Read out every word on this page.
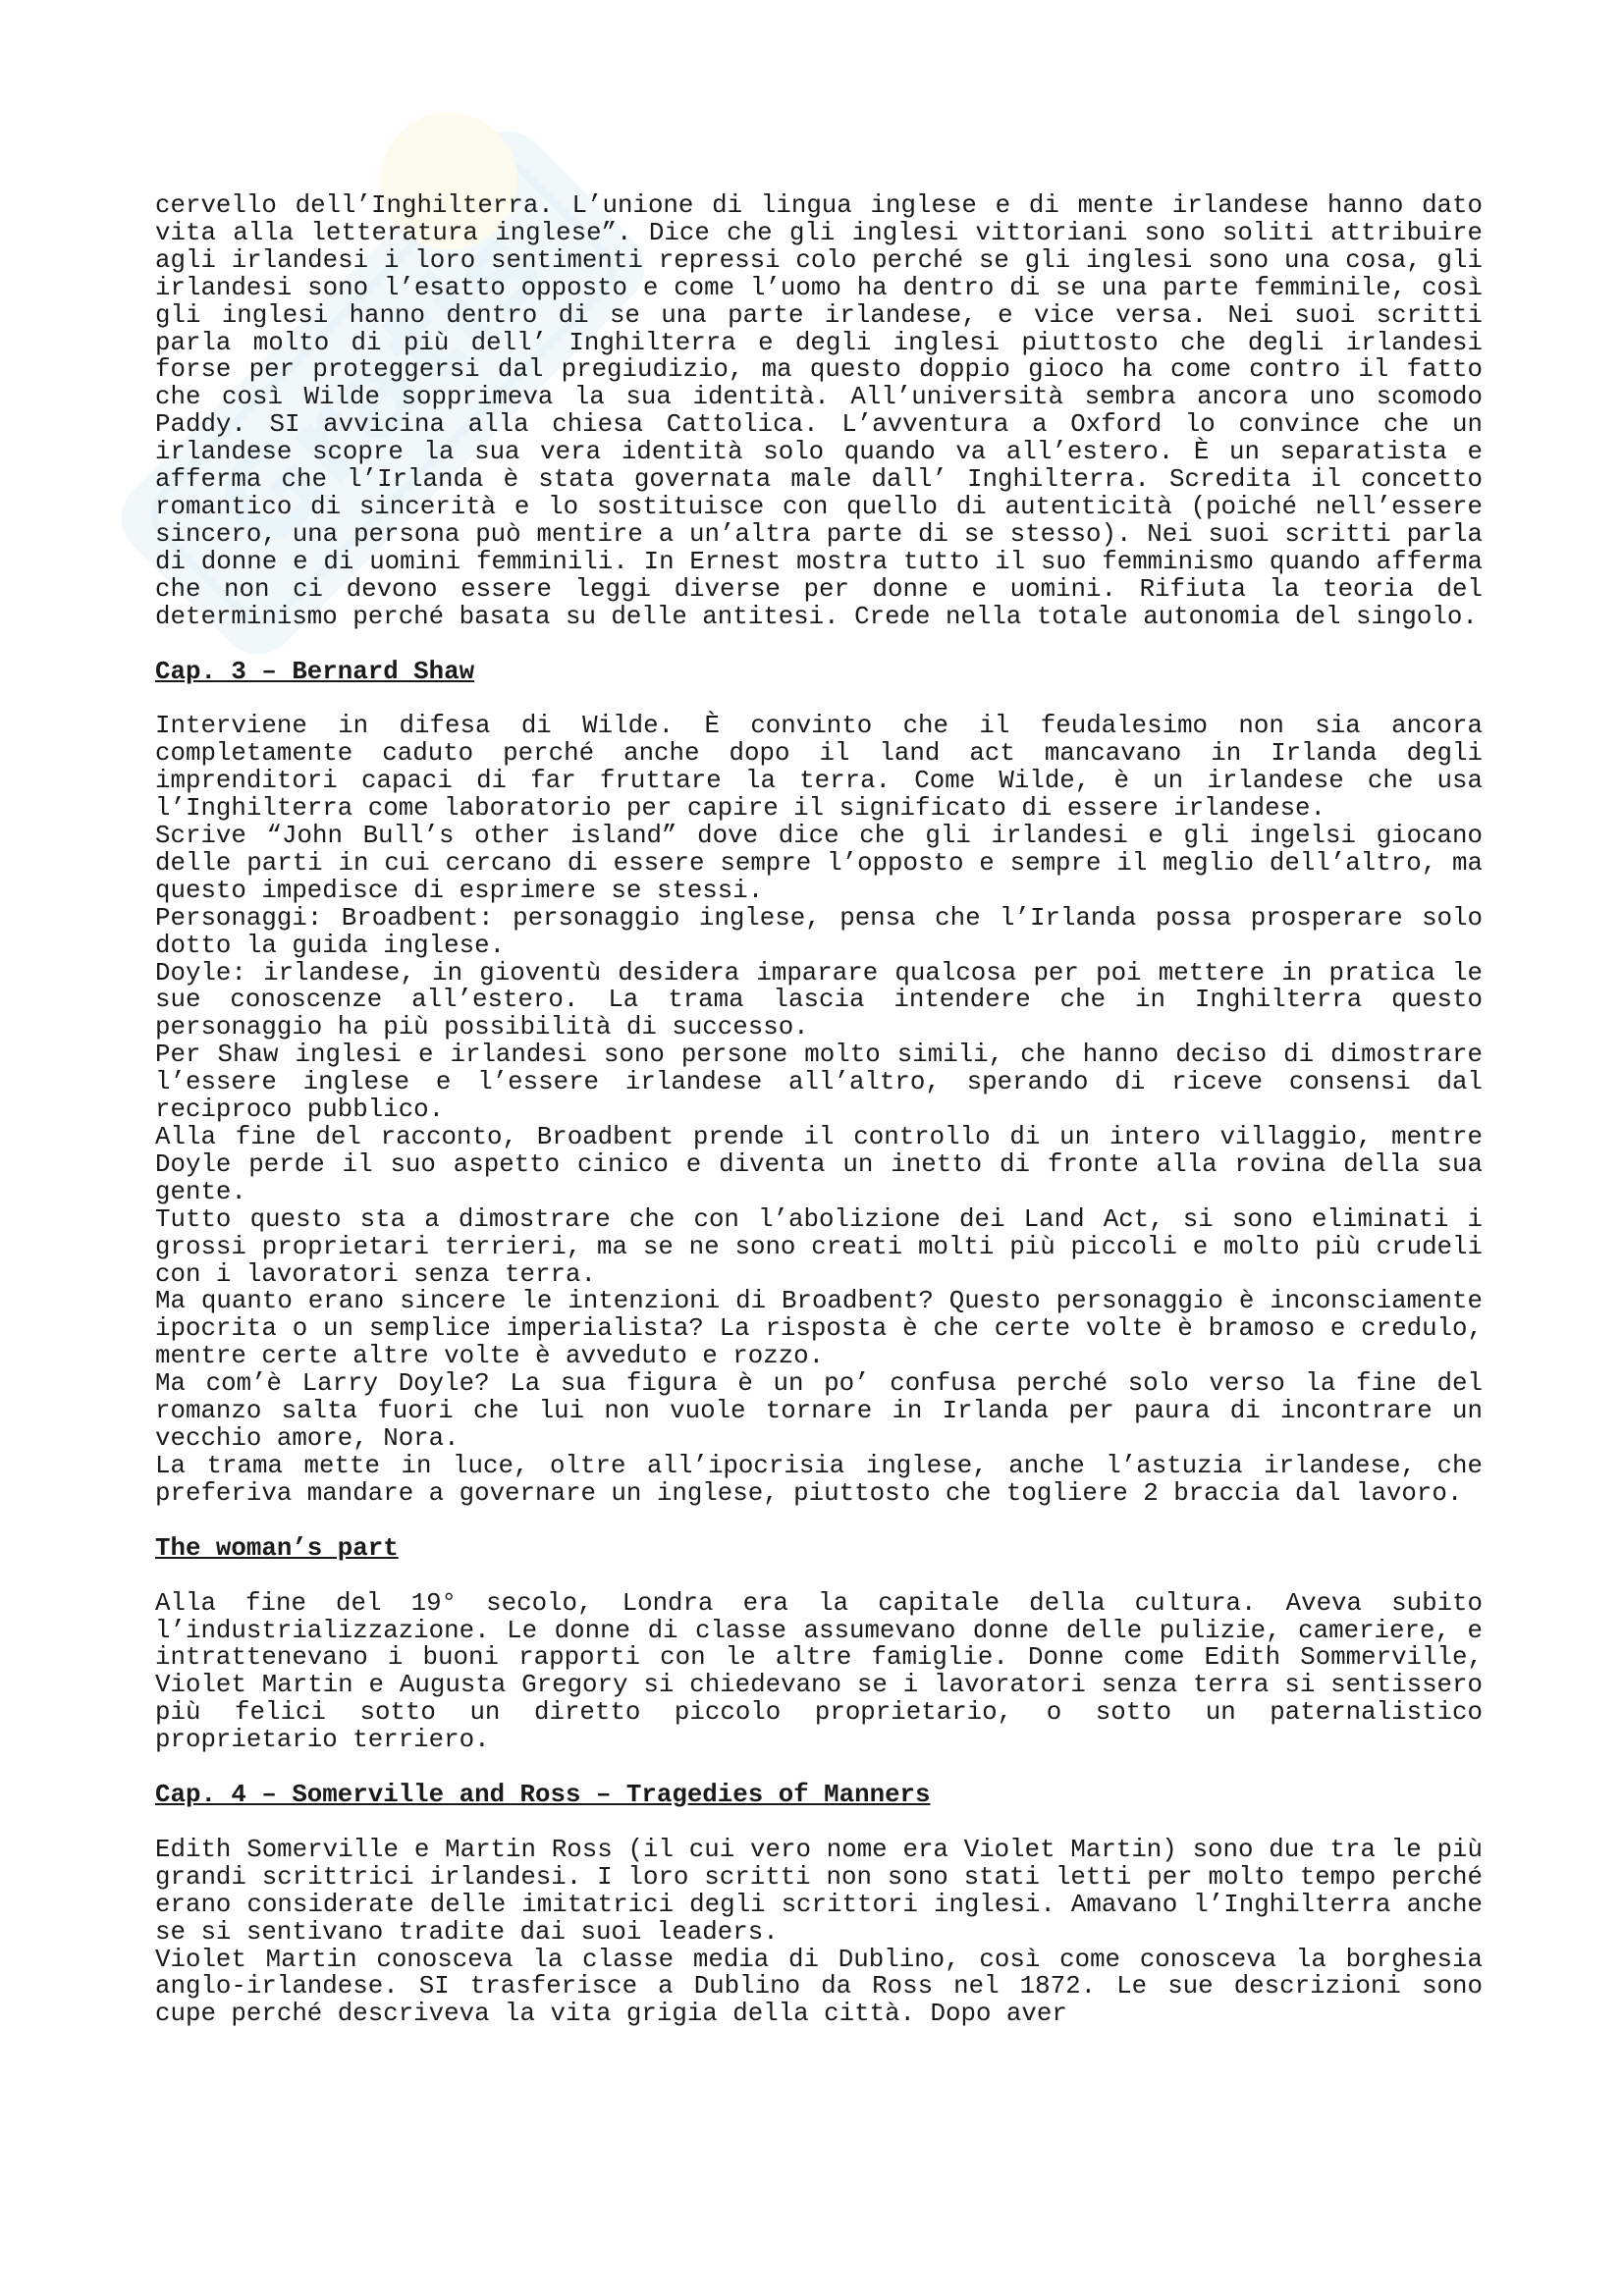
Gratis

cervello dell’Inghilterra. L’unione di lingua inglese e di mente irlandese hanno dato vita alla letteratura inglese”. Dice che gli inglesi vittoriani sono soliti attribuire agli irlandesi i loro sentimenti repressi colo perché se gli inglesi sono una cosa, gli irlandesi sono l’esatto opposto e come l’uomo ha dentro di se una parte femminile, così gli inglesi hanno dentro di se una parte irlandese, e vice versa. Nei suoi scritti parla molto di più dell’ Inghilterra e degli inglesi piuttosto che degli irlandesi forse per proteggersi dal pregiudizio, ma questo doppio gioco ha come contro il fatto che così Wilde sopprimeva la sua identità. All’università sembra ancora uno scomodo Paddy. SI avvicina alla chiesa Cattolica. L’avventura a Oxford lo convince che un irlandese scopre la sua vera identità solo quando va all’estero. È un separatista e afferma che l’Irlanda è stata governata male dall’ Inghilterra. Scredita il concetto romantico di sincerità e lo sostituisce con quello di autenticità (poiché nell’essere sincero, una persona può mentire a un’altra parte di se stesso). Nei suoi scritti parla di donne e di uomini femminili. In Ernest mostra tutto il suo femminismo quando afferma che non ci devono essere leggi diverse per donne e uomini. Rifiuta la teoria del determinismo perché basata su delle antitesi. Crede nella totale autonomia del singolo.

Cap. 3 – Bernard Shaw

Interviene in difesa di Wilde. È convinto che il feudalesimo non sia ancora completamente caduto perché anche dopo il land act mancavano in Irlanda degli imprenditori capaci di far fruttare la terra. Come Wilde, è un irlandese che usa l’Inghilterra come laboratorio per capire il significato di essere irlandese.

Scrive “John Bull’s other island” dove dice che gli irlandesi e gli ingelsi giocano delle parti in cui cercano di essere sempre l’opposto e sempre il meglio dell’altro, ma questo impedisce di esprimere se stessi.

Personaggi: Broadbent: personaggio inglese, pensa che l’Irlanda possa prosperare solo dotto la guida inglese.

Doyle: irlandese, in gioventù desidera imparare qualcosa per poi mettere in pratica le sue conoscenze all’estero. La trama lascia intendere che in Inghilterra questo personaggio ha più possibilità di successo.

Per Shaw inglesi e irlandesi sono persone molto simili, che hanno deciso di dimostrare l’essere inglese e l’essere irlandese all’altro, sperando di riceve consensi dal reciproco pubblico.

Alla fine del racconto, Broadbent prende il controllo di un intero villaggio, mentre Doyle perde il suo aspetto cinico e diventa un inetto di fronte alla rovina della sua gente.

Tutto questo sta a dimostrare che con l’abolizione dei Land Act, si sono eliminati i grossi proprietari terrieri, ma se ne sono creati molti più piccoli e molto più crudeli con i lavoratori senza terra.

Ma quanto erano sincere le intenzioni di Broadbent? Questo personaggio è inconsciamente ipocrita o un semplice imperialista? La risposta è che certe volte è bramoso e credulo, mentre certe altre volte è avveduto e rozzo.

Ma com’è Larry Doyle? La sua figura è un po’ confusa perché solo verso la fine del romanzo salta fuori che lui non vuole tornare in Irlanda per paura di incontrare un vecchio amore, Nora.

La trama mette in luce, oltre all’ipocrisia inglese, anche l’astuzia irlandese, che preferiva mandare a governare un inglese, piuttosto che togliere 2 braccia dal lavoro.

The woman’s part

Alla fine del 19° secolo, Londra era la capitale della cultura. Aveva subito l’industrializzazione. Le donne di classe assumevano donne delle pulizie, cameriere, e intrattenevano i buoni rapporti con le altre famiglie. Donne come Edith Sommerville, Violet Martin e Augusta Gregory si chiedevano se i lavoratori senza terra si sentissero più felici sotto un diretto piccolo proprietario, o sotto un paternalistico proprietario terriero.

Cap. 4 – Somerville and Ross – Tragedies of Manners

Edith Somerville e Martin Ross (il cui vero nome era Violet Martin) sono due tra le più grandi scrittrici irlandesi. I loro scritti non sono stati letti per molto tempo perché erano considerate delle imitatrici degli scrittori inglesi. Amavano l’Inghilterra anche se si sentivano tradite dai suoi leaders.

Violet Martin conosceva la classe media di Dublino, così come conosceva la borghesia anglo-irlandese. SI trasferisce a Dublino da Ross nel 1872. Le sue descrizioni sono cupe perché descriveva la vita grigia della città. Dopo aver
